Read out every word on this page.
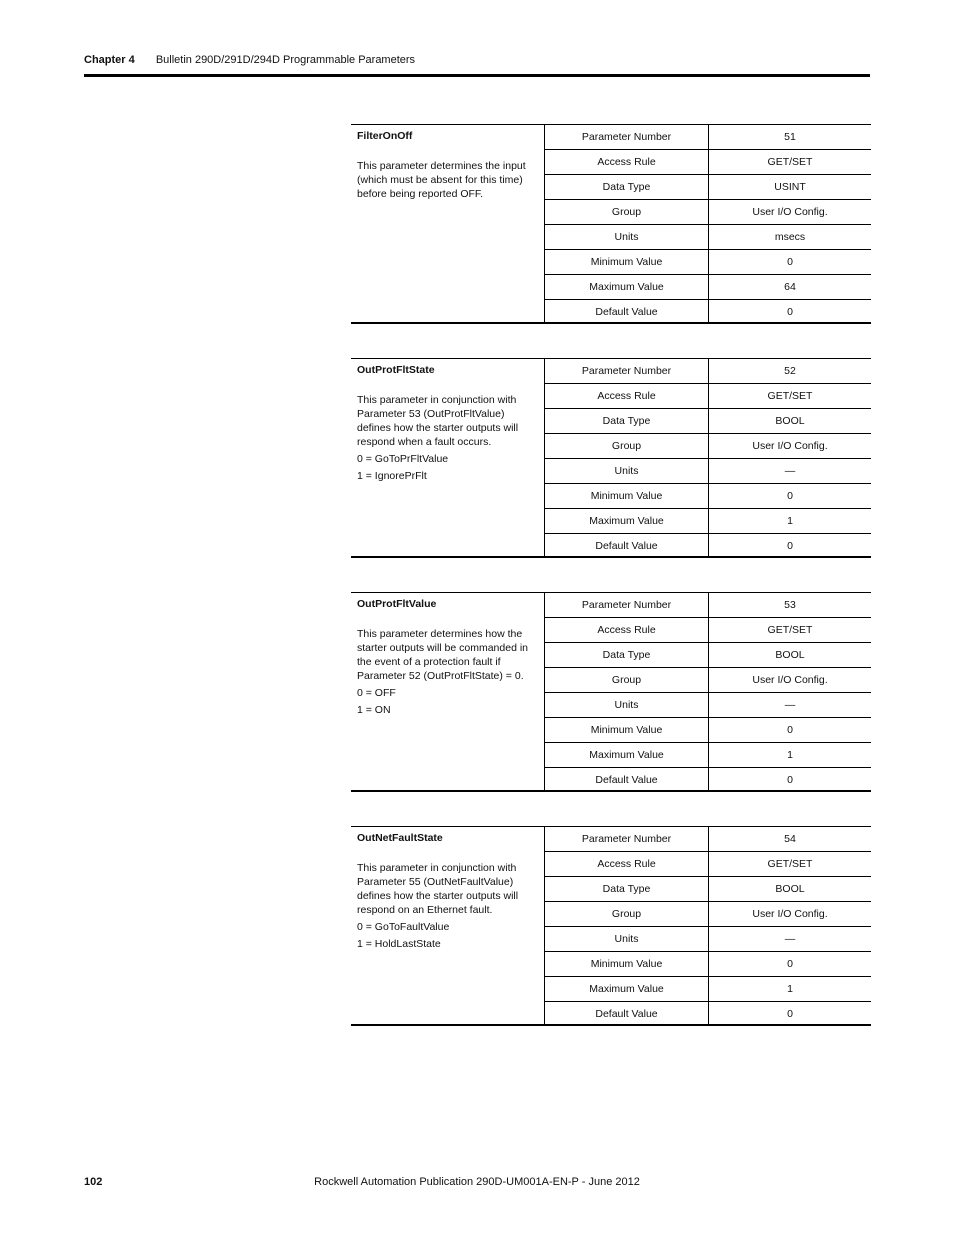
Chapter 4 Bulletin 290D/291D/294D Programmable Parameters
FilterOnOff

This parameter determines the input (which must be absent for this time) before being reported OFF.

Parameter Number	51
Access Rule	GET/SET
Data Type	USINT
Group	User I/O Config.
Units	msecs
Minimum Value	0
Maximum Value	64
Default Value	0
OutProtFltState

This parameter in conjunction with Parameter 53 (OutProtFltValue) defines how the starter outputs will respond when a fault occurs.

0 = GoToPrFltValue

1 = IgnorePrFlt

Parameter Number	52
Access Rule	GET/SET
Data Type	BOOL
Group	User I/O Config.
Units	—
Minimum Value	0
Maximum Value	1
Default Value	0
OutProtFltValue

This parameter determines how the starter outputs will be commanded in the event of a protection fault if Parameter 52 (OutProtFltState) = 0.

0 = OFF

1 = ON

Parameter Number	53
Access Rule	GET/SET
Data Type	BOOL
Group	User I/O Config.
Units	—
Minimum Value	0
Maximum Value	1
Default Value	0
OutNetFaultState

This parameter in conjunction with Parameter 55 (OutNetFaultValue) defines how the starter outputs will respond on an Ethernet fault.

0 = GoToFaultValue

1 = HoldLastState

Parameter Number	54
Access Rule	GET/SET
Data Type	BOOL
Group	User I/O Config.
Units	—
Minimum Value	0
Maximum Value	1
Default Value	0
102	Rockwell Automation Publication 290D-UM001A-EN-P - June 2012
